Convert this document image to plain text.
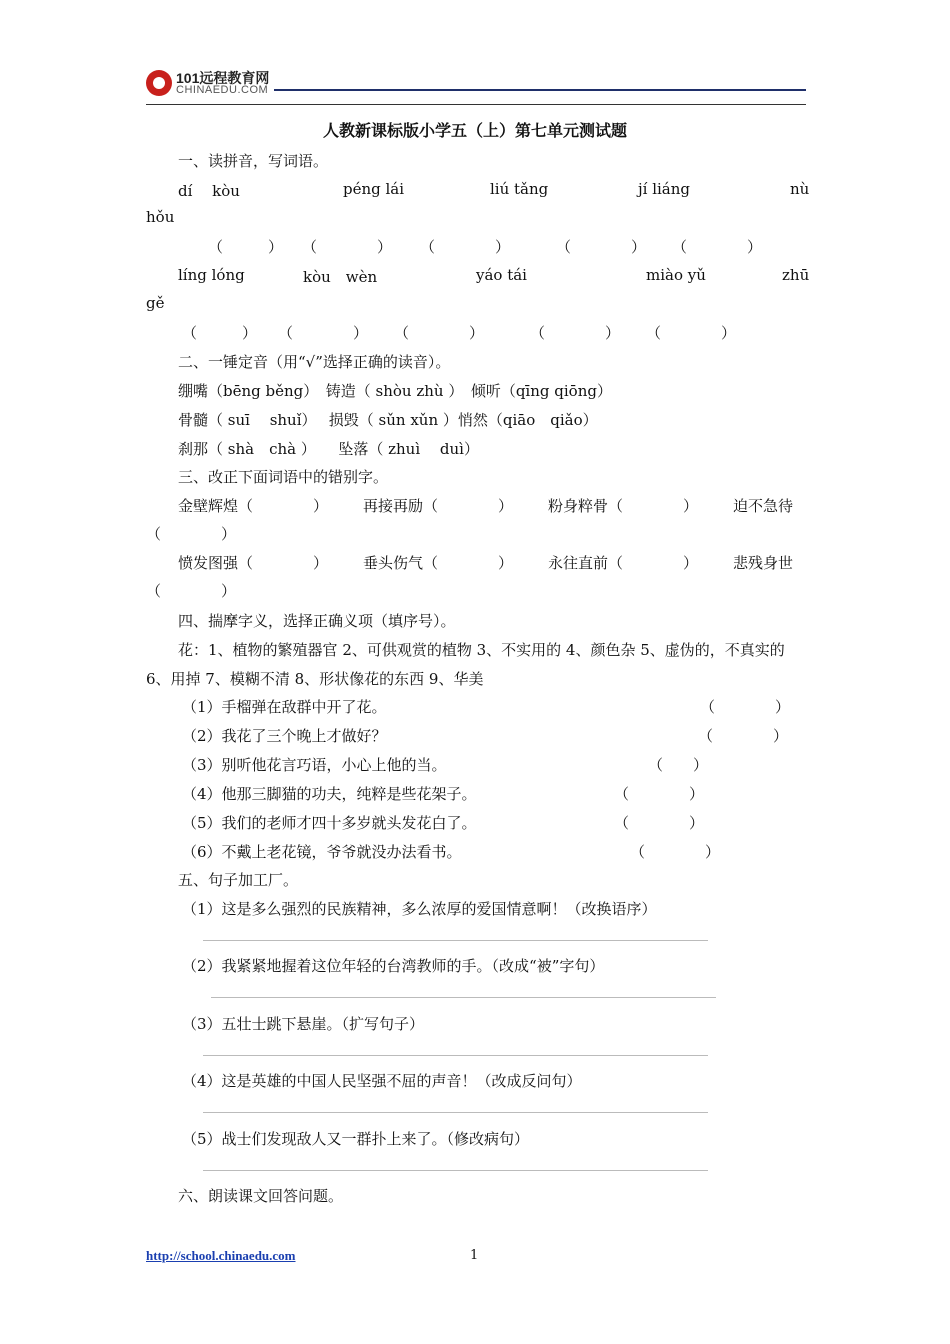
101远程教育网
CHINAEDU.COM
人教新课标版小学五（上）第七单元测试题
一、读拼音，写词语。
dí　 kòu	péng lái	liú tǎng	jí liáng	nù
hǒu
（　　　） （　　　　） （　　　　）	（　　　　） （　　　　）
líng lóng	kòu　wèn	yáo tái	miào yǔ	zhū
gě
（　　　） （　　　　） （　　　　）	（　　　　） （　　　　）
二、一锤定音（用“√”选择正确的读音）。
绷嘴（bēng běng）　铸造（ shòu zhù ）　倾听（qīng qiōng）
骨髓（ suī　 shuǐ）　 损毁（ sǔn xǔn ）悄然（qiāo　qiǎo）
刹那（ shà　chà ）　　坠落（ zhuì　 duì）
三、改正下面词语中的错别字。
金壁辉煌（　　　　） 再接再励（　　　　） 粉身粹骨（　　　　） 迫不急待
（　　　　）
愤发图强（　　　　） 垂头伤气（　　　　） 永往直前（　　　　） 悲残身世
（　　　　）
四、揣摩字义，选择正确义项（填序号）。
花：1、植物的繁殖器官 2、可供观赏的植物 3、不实用的 4、颜色杂 5、虚伪的，不真实的
6、用掉 7、模糊不清 8、形状像花的东西 9、华美
（1）手榴弹在敌群中开了花。	（　　　　）
（2）我花了三个晚上才做好？	（　　　　）
（3）别听他花言巧语，小心上他的当。	（　　）
（4）他那三脚猫的功夫，纯粹是些花架子。	（　　　　）
（5）我们的老师才四十多岁就头发花白了。	（　　　　）
（6）不戴上老花镜，爷爷就没办法看书。	（　　　　）
五、句子加工厂。
（1）这是多么强烈的民族精神，多么浓厚的爱国情意啊！（改换语序）
（2）我紧紧地握着这位年轻的台湾教师的手。（改成“被”字句）
（3）五壮士跳下悬崖。（扩写句子）
（4）这是英雄的中国人民坚强不屈的声音！（改成反问句）
（5）战士们发现敌人又一群扑上来了。（修改病句）
六、朗读课文回答问题。
http://school.chinaedu.com	1
